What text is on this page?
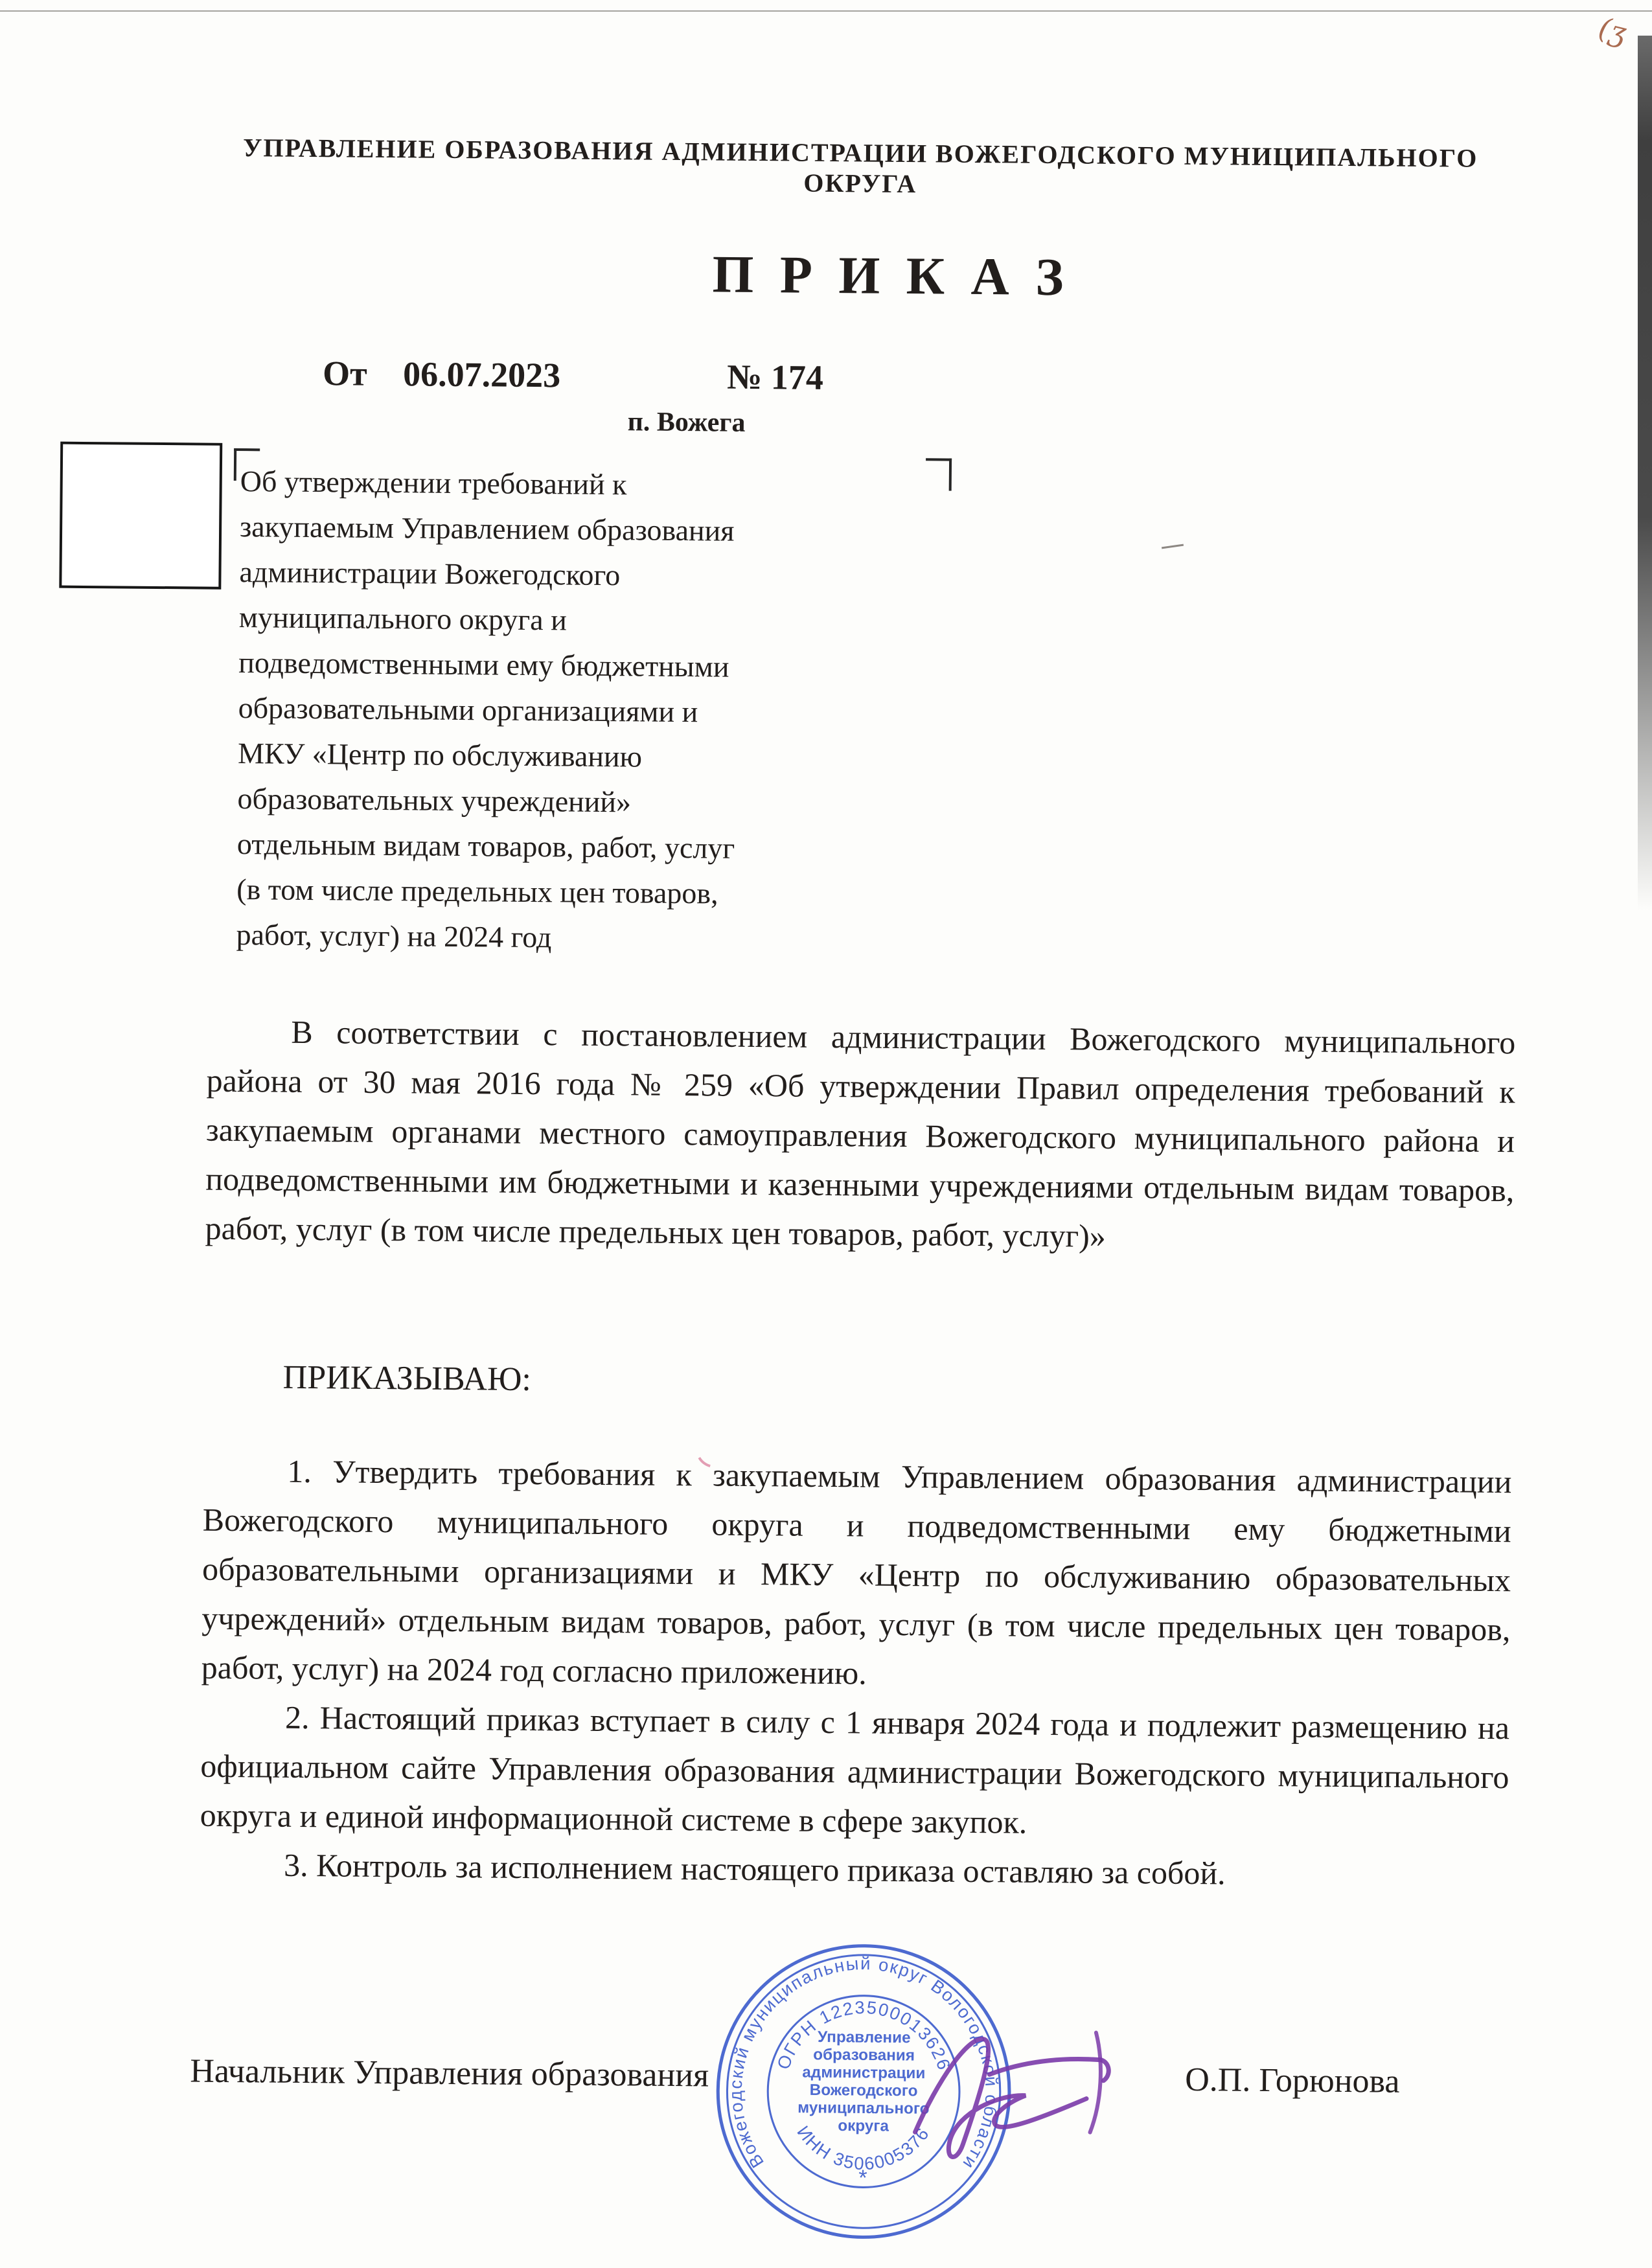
(ӡ
УПРАВЛЕНИЕ ОБРАЗОВАНИЯ АДМИНИСТРАЦИИ ВОЖЕГОДСКОГО МУНИЦИПАЛЬНОГО ОКРУГА
П Р И К А З
От 06.07.2023	№ 174
п. Вожега
Об утверждении требований к
закупаемым Управлением образования
администрации Вожегодского
муниципального округа и
подведомственными ему бюджетными
образовательными организациями и
МКУ «Центр по обслуживанию
образовательных учреждений»
отдельным видам товаров, работ, услуг
(в том числе предельных цен товаров,
работ, услуг) на 2024 год

В соответствии с постановлением администрации Вожегодского муниципального района от 30 мая 2016 года № 259 «Об утверждении Правил определения требований к закупаемым органами местного самоуправления Вожегодского муниципального района и подведомственными им бюджетными и казенными учреждениями отдельным видам товаров, работ, услуг (в том числе предельных цен товаров, работ, услуг)»

ПРИКАЗЫВАЮ:

1. Утвердить требования к закупаемым Управлением образования администрации Вожегодского муниципального округа и подведомственными ему бюджетными образовательными организациями и МКУ «Центр по обслуживанию образовательных учреждений» отдельным видам товаров, работ, услуг (в том числе предельных цен товаров, работ, услуг) на 2024 год согласно приложению.

2. Настоящий приказ вступает в силу с 1 января 2024 года и подлежит размещению на официальном сайте Управления образования администрации Вожегодского муниципального округа и единой информационной системе в сфере закупок.

3. Контроль за исполнением настоящего приказа оставляю за собой.

Начальник Управления образования	О.П. Горюнова
Вожегодский муниципальный округ Вологодской области
ОГРН 1223500013626
ИНН 3506005376
Управление
образования
администрации
Вожегодского
муниципального
округа
*
